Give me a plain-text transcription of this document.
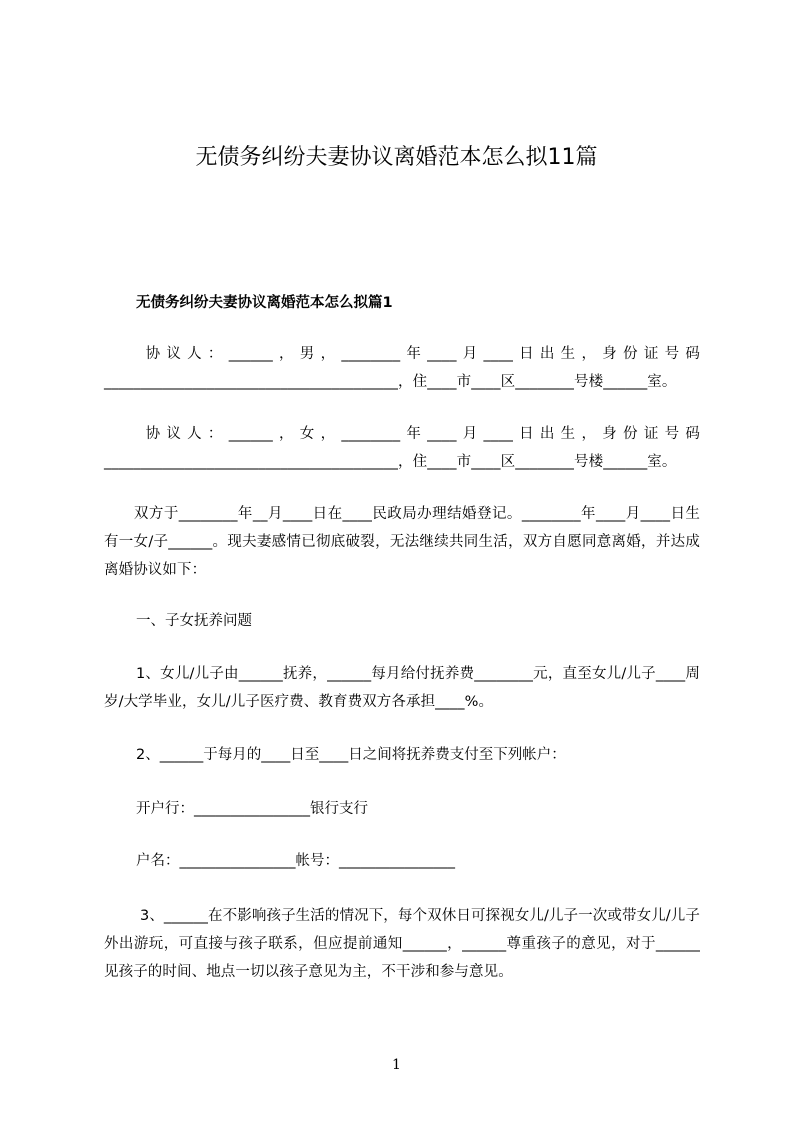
无债务纠纷夫妻协议离婚范本怎么拟11篇
无债务纠纷夫妻协议离婚范本怎么拟篇1
　　协议人：______，男，________年____月____日出生，身份证号码________________________________________，住____市____区________号楼______室。
　　协议人：______，女，________年____月____日出生，身份证号码________________________________________，住____市____区________号楼______室。
　　双方于________年__月____日在____民政局办理结婚登记。________年____月____日生有一女/子______。现夫妻感情已彻底破裂，无法继续共同生活，双方自愿同意离婚，并达成离婚协议如下：
一、子女抚养问题
1、女儿/儿子由______抚养，______每月给付抚养费________元，直至女儿/儿子____周岁/大学毕业，女儿/儿子医疗费、教育费双方各承担____%。
2、______于每月的____日至____日之间将抚养费支付至下列帐户：
开户行：________________银行支行
户名：________________帐号：________________
3、______在不影响孩子生活的情况下，每个双休日可探视女儿/儿子一次或带女儿/儿子外出游玩，可直接与孩子联系，但应提前通知______，______尊重孩子的意见，对于______见孩子的时间、地点一切以孩子意见为主，不干涉和参与意见。
1
